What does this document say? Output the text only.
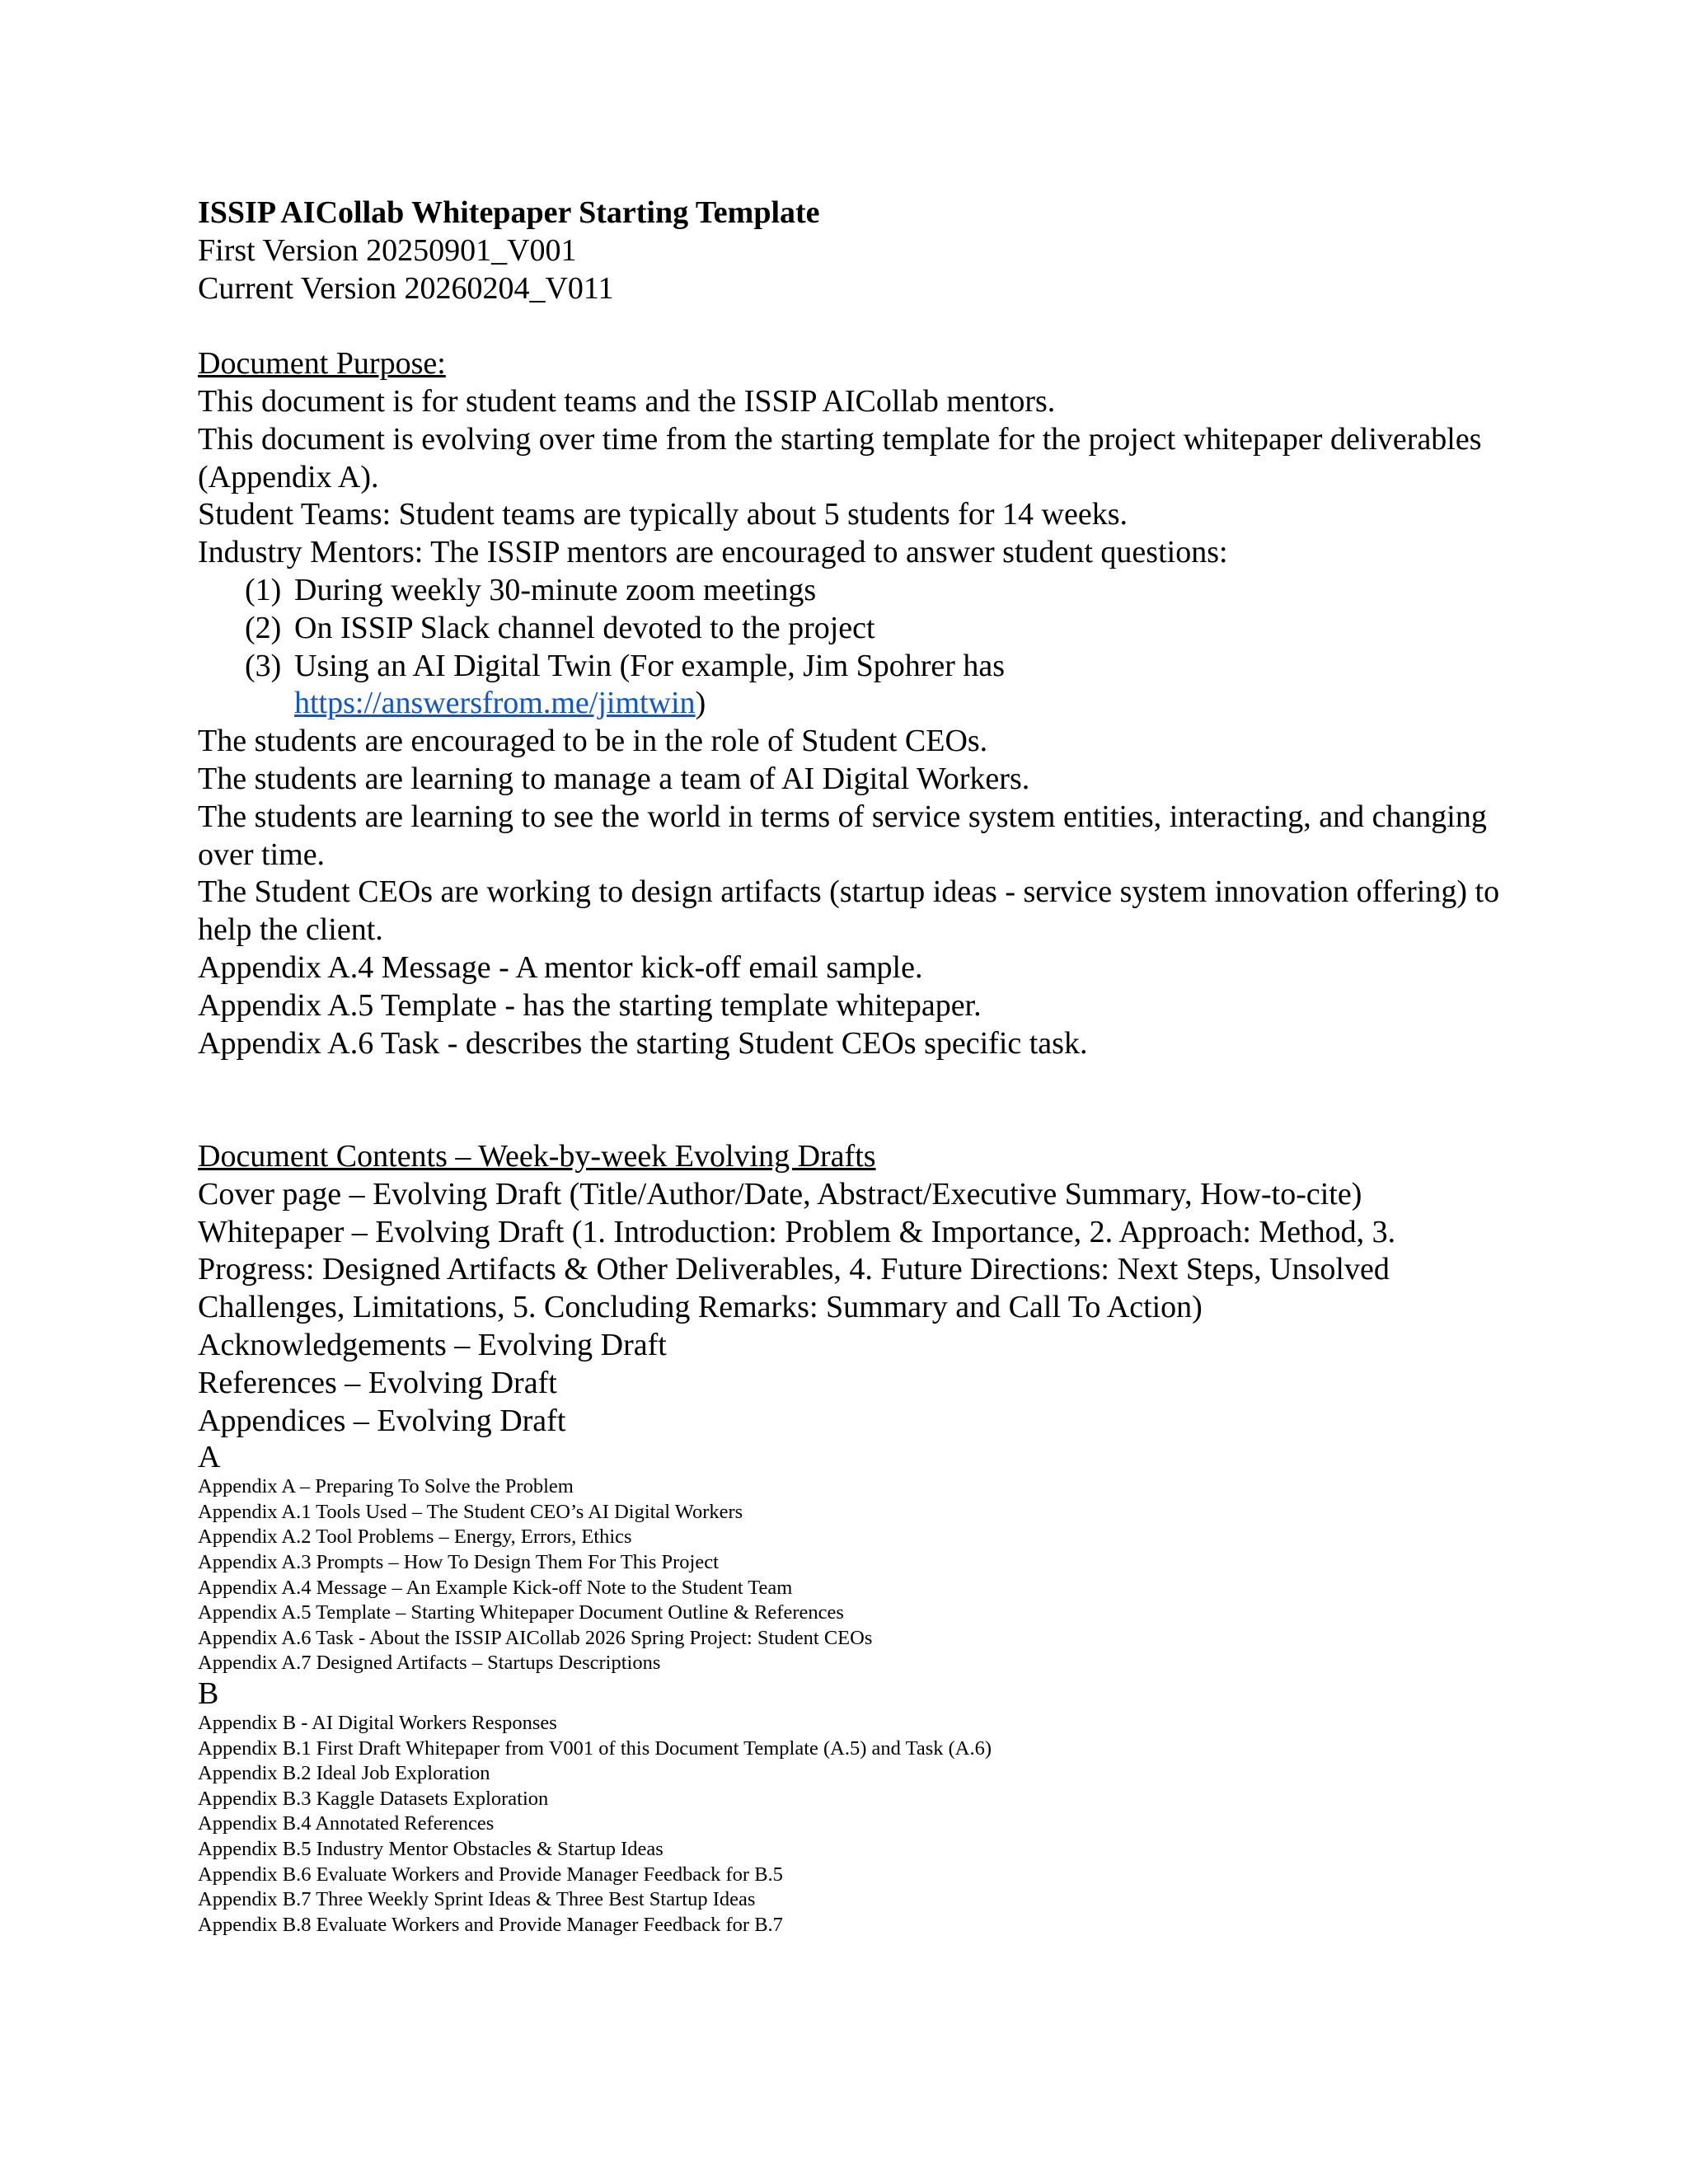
ISSIP AICollab Whitepaper Starting Template
First Version 20250901_V001
Current Version 20260204_V011
Document Purpose:
This document is for student teams and the ISSIP AICollab mentors.
This document is evolving over time from the starting template for the project whitepaper deliverables (Appendix A).
Student Teams: Student teams are typically about 5 students for 14 weeks.
Industry Mentors: The ISSIP mentors are encouraged to answer student questions:
(1) During weekly 30-minute zoom meetings
(2) On ISSIP Slack channel devoted to the project
(3) Using an AI Digital Twin (For example, Jim Spohrer has
https://answersfrom.me/jimtwin)
The students are encouraged to be in the role of Student CEOs.
The students are learning to manage a team of AI Digital Workers.
The students are learning to see the world in terms of service system entities, interacting, and changing over time.
The Student CEOs are working to design artifacts (startup ideas - service system innovation offering) to help the client.
Appendix A.4 Message - A mentor kick-off email sample.
Appendix A.5 Template - has the starting template whitepaper.
Appendix A.6 Task - describes the starting Student CEOs specific task.
Document Contents – Week-by-week Evolving Drafts
Cover page – Evolving Draft (Title/Author/Date, Abstract/Executive Summary, How-to-cite)
Whitepaper – Evolving Draft (1. Introduction: Problem & Importance, 2. Approach: Method, 3. Progress: Designed Artifacts & Other Deliverables, 4. Future Directions: Next Steps, Unsolved Challenges, Limitations, 5. Concluding Remarks: Summary and Call To Action)
Acknowledgements – Evolving Draft
References – Evolving Draft
Appendices – Evolving Draft
A
Appendix A – Preparing To Solve the Problem
Appendix A.1 Tools Used – The Student CEO’s AI Digital Workers
Appendix A.2 Tool Problems – Energy, Errors, Ethics
Appendix A.3 Prompts – How To Design Them For This Project
Appendix A.4 Message – An Example Kick-off Note to the Student Team
Appendix A.5 Template – Starting Whitepaper Document Outline & References
Appendix A.6 Task - About the ISSIP AICollab 2026 Spring Project: Student CEOs
Appendix A.7 Designed Artifacts – Startups Descriptions
B
Appendix B - AI Digital Workers Responses
Appendix B.1 First Draft Whitepaper from V001 of this Document Template (A.5) and Task (A.6)
Appendix B.2 Ideal Job Exploration
Appendix B.3 Kaggle Datasets Exploration
Appendix B.4 Annotated References
Appendix B.5 Industry Mentor Obstacles & Startup Ideas
Appendix B.6 Evaluate Workers and Provide Manager Feedback for B.5
Appendix B.7 Three Weekly Sprint Ideas & Three Best Startup Ideas
Appendix B.8 Evaluate Workers and Provide Manager Feedback for B.7
